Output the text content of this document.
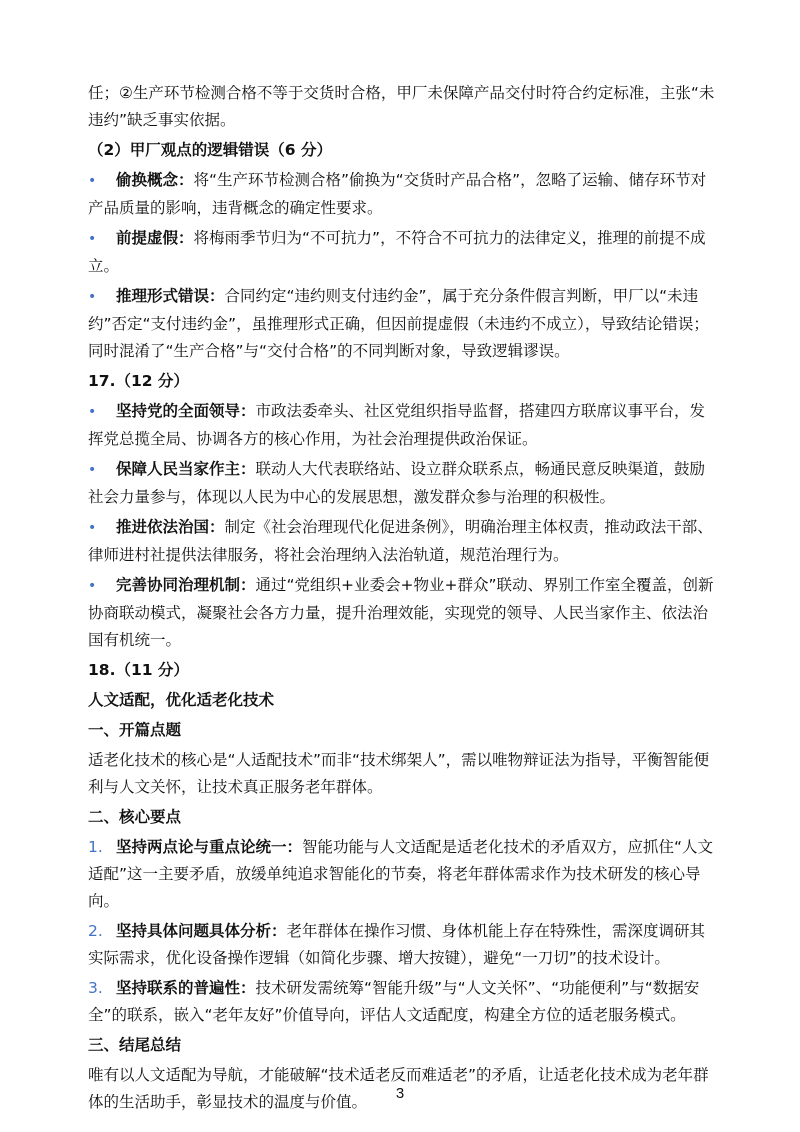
任；②生产环节检测合格不等于交货时合格，甲厂未保障产品交付时符合约定标准，主张“未违约”缺乏事实依据。

（2）甲厂观点的逻辑错误（6 分）

• 偷换概念：将“生产环节检测合格”偷换为“交货时产品合格”，忽略了运输、储存环节对产品质量的影响，违背概念的确定性要求。

• 前提虚假：将梅雨季节归为“不可抗力”，不符合不可抗力的法律定义，推理的前提不成立。

• 推理形式错误：合同约定“违约则支付违约金”，属于充分条件假言判断，甲厂以“未违约”否定“支付违约金”，虽推理形式正确，但因前提虚假（未违约不成立），导致结论错误；同时混淆了“生产合格”与“交付合格”的不同判断对象，导致逻辑谬误。

17.（12 分）

• 坚持党的全面领导：市政法委牵头、社区党组织指导监督，搭建四方联席议事平台，发挥党总揽全局、协调各方的核心作用，为社会治理提供政治保证。

• 保障人民当家作主：联动人大代表联络站、设立群众联系点，畅通民意反映渠道，鼓励社会力量参与，体现以人民为中心的发展思想，激发群众参与治理的积极性。

• 推进依法治国：制定《社会治理现代化促进条例》，明确治理主体权责，推动政法干部、律师进村社提供法律服务，将社会治理纳入法治轨道，规范治理行为。

• 完善协同治理机制：通过“党组织+业委会+物业+群众”联动、界别工作室全覆盖，创新协商联动模式，凝聚社会各方力量，提升治理效能，实现党的领导、人民当家作主、依法治国有机统一。

18.（11 分）

人文适配，优化适老化技术

一、开篇点题

适老化技术的核心是“人适配技术”而非“技术绑架人”，需以唯物辩证法为指导，平衡智能便利与人文关怀，让技术真正服务老年群体。

二、核心要点

1. 坚持两点论与重点论统一：智能功能与人文适配是适老化技术的矛盾双方，应抓住“人文适配”这一主要矛盾，放缓单纯追求智能化的节奏，将老年群体需求作为技术研发的核心导向。

2. 坚持具体问题具体分析：老年群体在操作习惯、身体机能上存在特殊性，需深度调研其实际需求，优化设备操作逻辑（如简化步骤、增大按键），避免“一刀切”的技术设计。

3. 坚持联系的普遍性：技术研发需统筹“智能升级”与“人文关怀”、“功能便利”与“数据安全”的联系，嵌入“老年友好”价值导向，评估人文适配度，构建全方位的适老服务模式。

三、结尾总结

唯有以人文适配为导航，才能破解“技术适老反而难适老”的矛盾，让适老化技术成为老年群体的生活助手，彰显技术的温度与价值。	3
